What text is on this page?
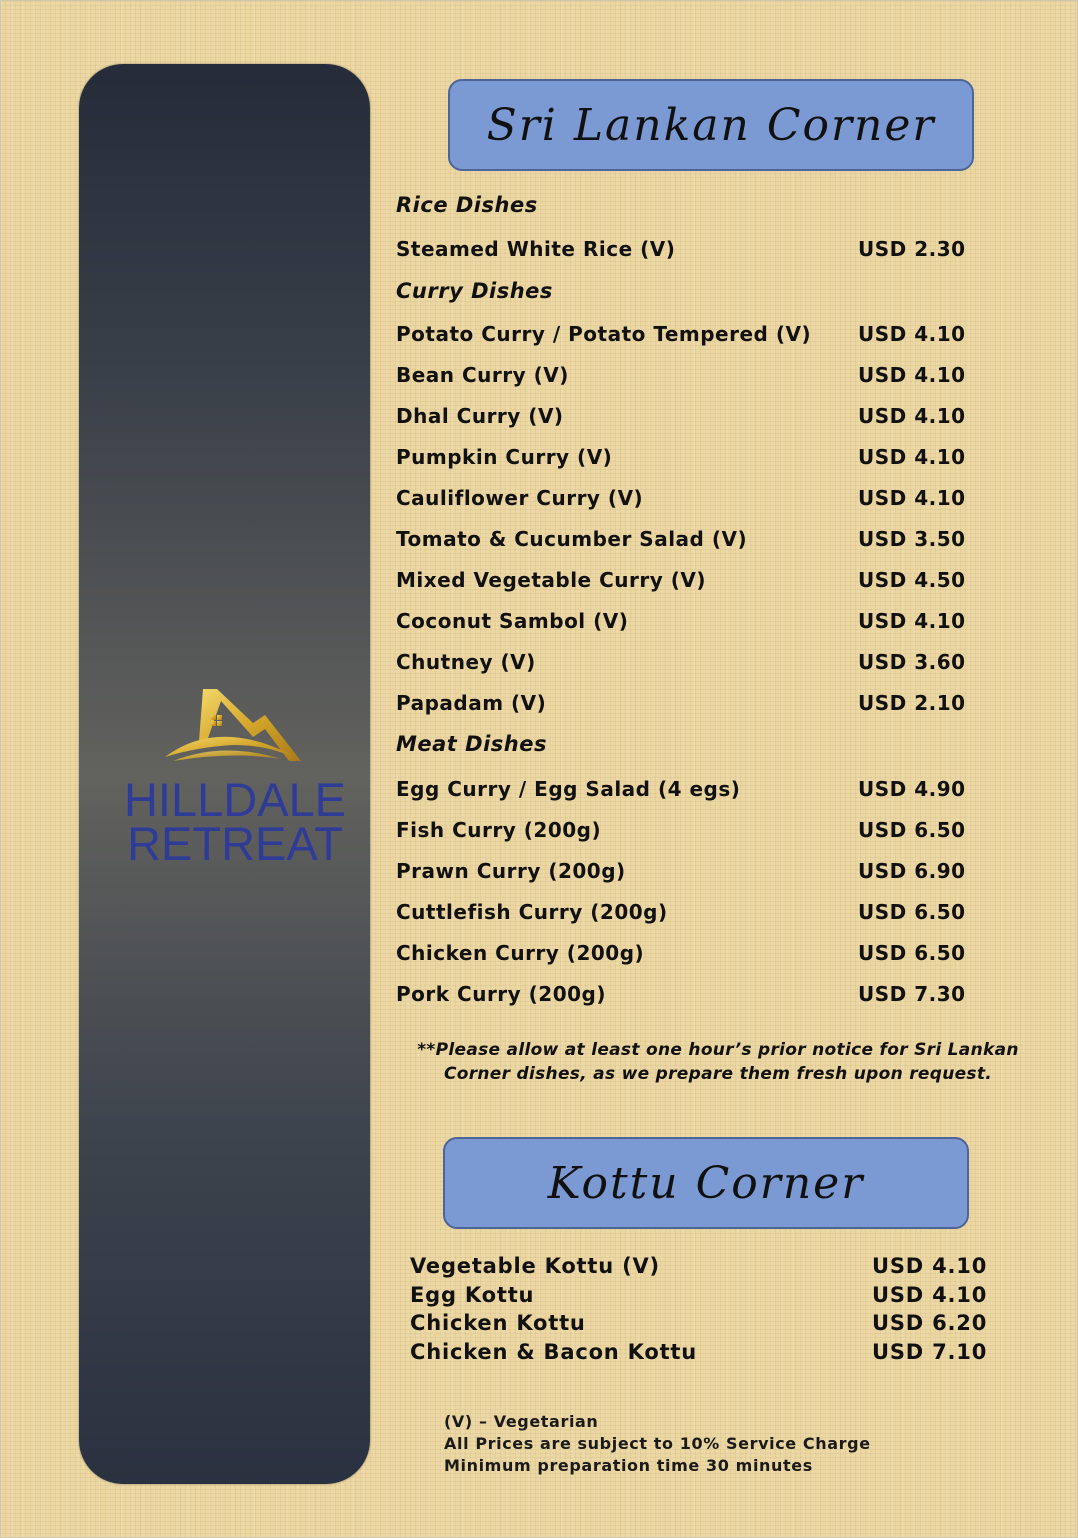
HILLDALE
RETREAT
Sri Lankan Corner
Rice Dishes
Steamed White Rice (V)	USD 2.30
Curry Dishes
Potato Curry / Potato Tempered (V) USD 4.10
Bean Curry (V)	USD 4.10
Dhal Curry (V)	USD 4.10
Pumpkin Curry (V)	USD 4.10
Cauliflower Curry (V)	USD 4.10
Tomato & Cucumber Salad (V)	USD 3.50
Mixed Vegetable Curry (V)	USD 4.50
Coconut Sambol (V)	USD 4.10
Chutney (V)	USD 3.60
Papadam (V)	USD 2.10
Meat Dishes
Egg Curry / Egg Salad (4 egs)	USD 4.90
Fish Curry (200g)	USD 6.50
Prawn Curry (200g)	USD 6.90
Cuttlefish Curry (200g)	USD 6.50
Chicken Curry (200g)	USD 6.50
Pork Curry (200g)	USD 7.30
**Please allow at least one hour’s prior notice for Sri Lankan
Corner dishes, as we prepare them fresh upon request.
Kottu Corner
Vegetable Kottu (V)	USD 4.10
Egg Kottu	USD 4.10
Chicken Kottu	USD 6.20
Chicken & Bacon Kottu	USD 7.10
(V) – Vegetarian
All Prices are subject to 10% Service Charge
Minimum preparation time 30 minutes
